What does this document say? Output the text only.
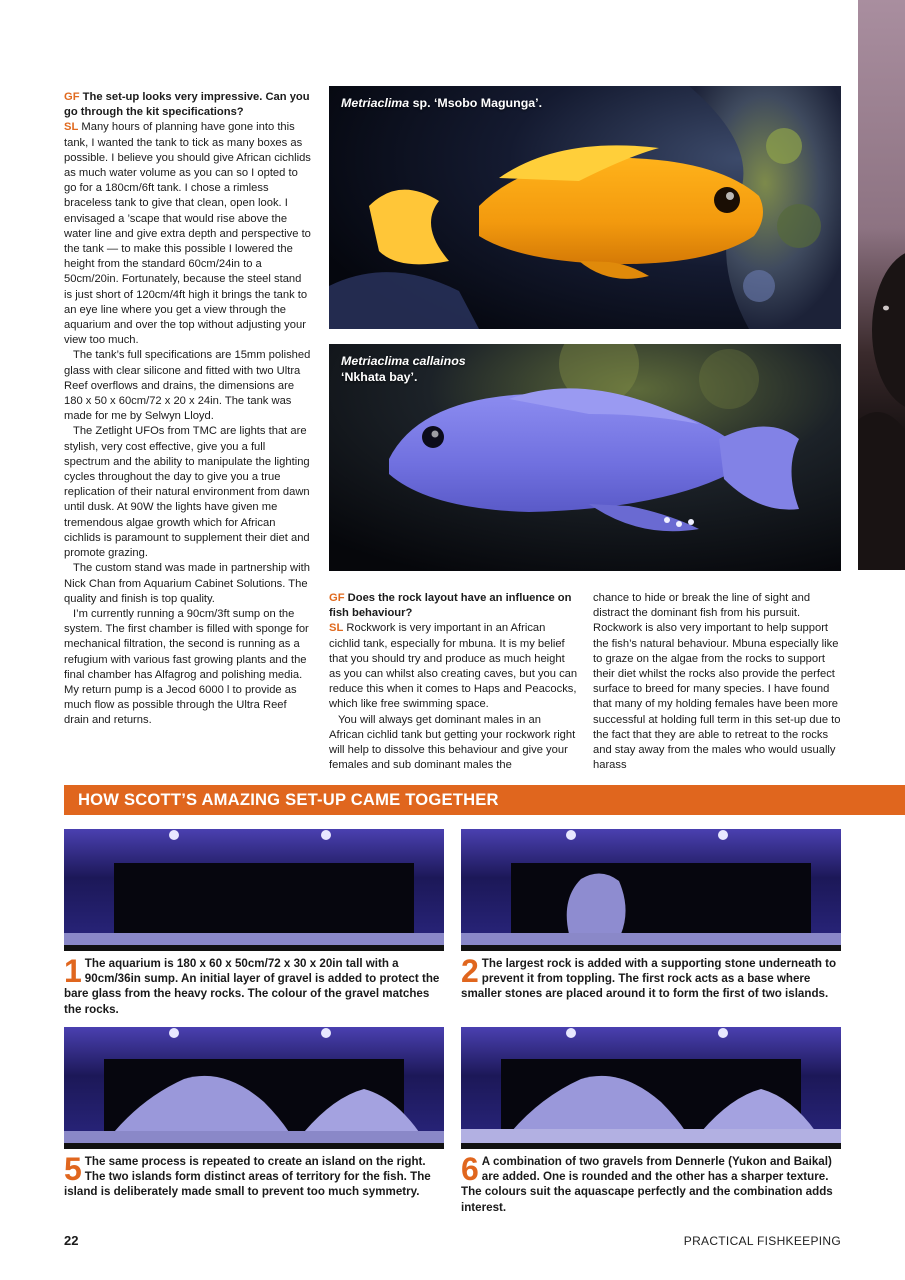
GF The set-up looks very impressive. Can you go through the kit specifications?

SL Many hours of planning have gone into this tank, I wanted the tank to tick as many boxes as possible. I believe you should give African cichlids as much water volume as you can so I opted to go for a 180cm/6ft tank. I chose a rimless braceless tank to give that clean, open look. I envisaged a ’scape that would rise above the water line and give extra depth and perspective to the tank — to make this possible I lowered the height from the standard 60cm/24in to a 50cm/20in. Fortunately, because the steel stand is just short of 120cm/4ft high it brings the tank to an eye line where you get a view through the aquarium and over the top without adjusting your view too much.

The tank’s full specifications are 15mm polished glass with clear silicone and fitted with two Ultra Reef overflows and drains, the dimensions are 180 x 50 x 60cm/72 x 20 x 24in. The tank was made for me by Selwyn Lloyd.

The Zetlight UFOs from TMC are lights that are stylish, very cost effective, give you a full spectrum and the ability to manipulate the lighting cycles throughout the day to give you a true replication of their natural environment from dawn until dusk. At 90W the lights have given me tremendous algae growth which for African cichlids is paramount to supplement their diet and promote grazing.

The custom stand was made in partnership with Nick Chan from Aquarium Cabinet Solutions. The quality and finish is top quality.

I’m currently running a 90cm/3ft sump on the system. The first chamber is filled with sponge for mechanical filtration, the second is running as a refugium with various fast growing plants and the final chamber has Alfagrog and polishing media. My return pump is a Jecod 6000 l to provide as much flow as possible through the Ultra Reef drain and returns.

Metriaclima sp. ‘Msobo Magunga’.
Metriaclima callainos
‘Nkhata bay’.

GF Does the rock layout have an influence on fish behaviour?

SL Rockwork is very important in an African cichlid tank, especially for mbuna. It is my belief that you should try and produce as much height as you can whilst also creating caves, but you can reduce this when it comes to Haps and Peacocks, which like free swimming space.

You will always get dominant males in an African cichlid tank but getting your rockwork right will help to dissolve this behaviour and give your females and sub dominant males the

chance to hide or break the line of sight and distract the dominant fish from his pursuit. Rockwork is also very important to help support the fish’s natural behaviour. Mbuna especially like to graze on the algae from the rocks to support their diet whilst the rocks also provide the perfect surface to breed for many species. I have found that many of my holding females have been more successful at holding full term in this set-up due to the fact that they are able to retreat to the rocks and stay away from the males who would usually harass

HOW SCOTT’S AMAZING SET-UP CAME TOGETHER
1 The aquarium is 180 x 60 x 50cm/72 x 30 x 20in tall with a 90cm/36in sump. An initial layer of gravel is added to protect the bare glass from the heavy rocks. The colour of the gravel matches the rocks.
2 The largest rock is added with a supporting stone underneath to prevent it from toppling. The first rock acts as a base where smaller stones are placed around it to form the first of two islands.
5 The same process is repeated to create an island on the right. The two islands form distinct areas of territory for the fish. The island is deliberately made small to prevent too much symmetry.
6 A combination of two gravels from Dennerle (Yukon and Baikal) are added. One is rounded and the other has a sharper texture. The colours suit the aquascape perfectly and the combination adds interest.
22	PRACTICAL FISHKEEPING
